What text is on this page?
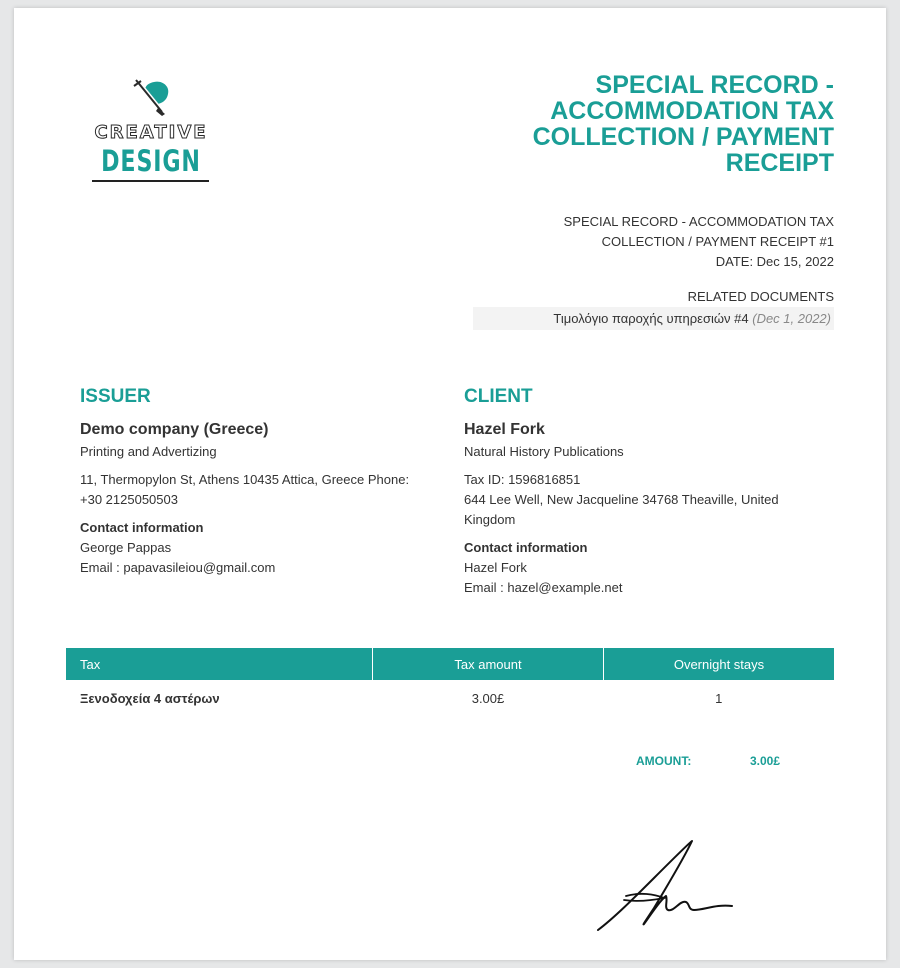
CREATIVE
DESIGN
SPECIAL RECORD - ACCOMMODATION TAX COLLECTION / PAYMENT RECEIPT
SPECIAL RECORD - ACCOMMODATION TAX
COLLECTION / PAYMENT RECEIPT #1
DATE: Dec 15, 2022
RELATED DOCUMENTS
Τιμολόγιο παροχής υπηρεσιών #4 (Dec 1, 2022)
ISSUER
Demo company (Greece)

Printing and Advertizing

11, Thermopylon St, Athens 10435 Attica, Greece Phone: +30 2125050503

Contact information

George Pappas

Email : papavasileiou@gmail.com

CLIENT
Hazel Fork

Natural History Publications

Tax ID: 1596816851

644 Lee Well, New Jacqueline 34768 Theaville, United Kingdom

Contact information

Hazel Fork

Email : hazel@example.net

Tax	Tax amount	Overnight stays
Ξενοδοχεία 4 αστέρων	3.00£	1
AMOUNT:	3.00£
